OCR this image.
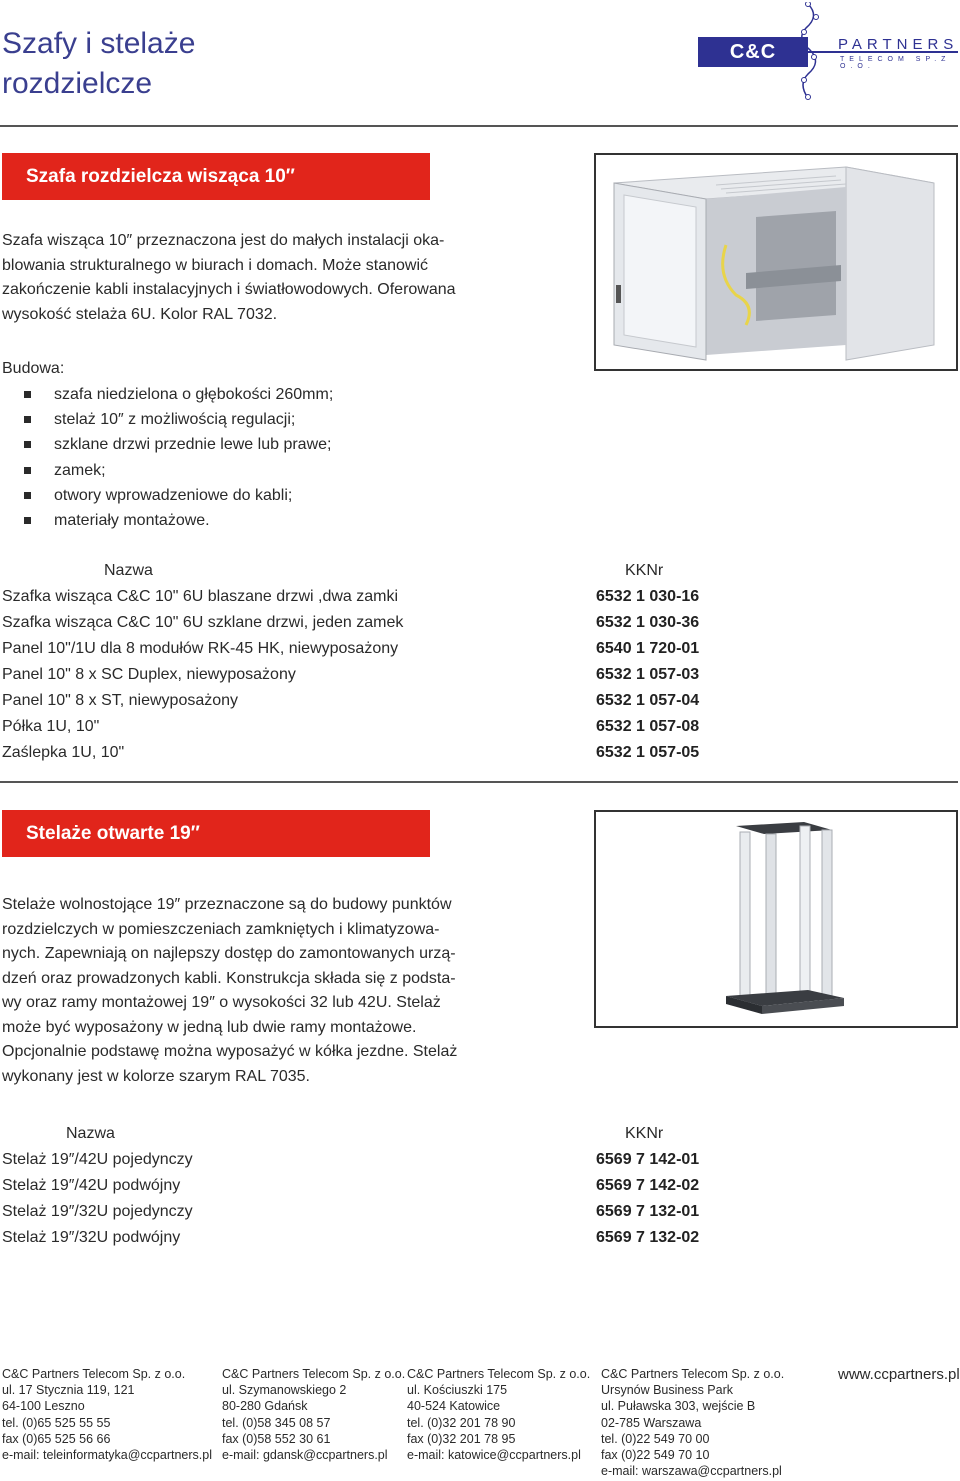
Szafy i stelaże
rozdzielcze
C&C	PARTNERS
TELECOM SP.Z O.O.
Szafa rozdzielcza wisząca 10″
Szafa wisząca 10″ przeznaczona jest do małych instalacji oka-
blowania strukturalnego w biurach i domach. Może stanowić
zakończenie kabli instalacyjnych i światłowodowych. Oferowana
wysokość stelaża 6U. Kolor RAL 7032.
Budowa:
szafa niedzielona o głębokości 260mm;
stelaż 10″ z możliwością regulacji;
szklane drzwi przednie lewe lub prawe;
zamek;
otwory wprowadzeniowe do kabli;
materiały montażowe.
Nazwa	KKNr
Szafka wisząca C&C 10" 6U blaszane drzwi ,dwa zamki	6532 1 030-16
Szafka wisząca C&C 10" 6U szklane drzwi, jeden zamek	6532 1 030-36
Panel 10"/1U dla 8 modułów RK-45 HK, niewyposażony	6540 1 720-01
Panel 10" 8 x SC Duplex, niewyposażony	6532 1 057-03
Panel 10" 8 x ST, niewyposażony	6532 1 057-04
Półka 1U, 10"	6532 1 057-08
Zaślepka 1U, 10"	6532 1 057-05
Stelaże otwarte 19″
Stelaże wolnostojące 19″ przeznaczone są do budowy punktów
rozdzielczych w pomieszczeniach zamkniętych i klimatyzowa-
nych. Zapewniają on najlepszy dostęp do zamontowanych urzą-
dzeń oraz prowadzonych kabli. Konstrukcja składa się z podsta-
wy oraz ramy montażowej 19″ o wysokości 32 lub 42U. Stelaż
może być wyposażony w jedną lub dwie ramy montażowe.
Opcjonalnie podstawę można wyposażyć w kółka jezdne. Stelaż
wykonany jest w kolorze szarym RAL 7035.
Nazwa	KKNr
Stelaż 19″/42U pojedynczy	6569 7 142-01
Stelaż 19″/42U podwójny	6569 7 142-02
Stelaż 19″/32U pojedynczy	6569 7 132-01
Stelaż 19″/32U podwójny	6569 7 132-02
C&C Partners Telecom Sp. z o.o.
ul. 17 Stycznia 119, 121
64-100 Leszno
tel. (0)65 525 55 55
fax (0)65 525 56 66
e-mail: teleinformatyka@ccpartners.pl
C&C Partners Telecom Sp. z o.o.
ul. Szymanowskiego 2
80-280 Gdańsk
tel. (0)58 345 08 57
fax (0)58 552 30 61
e-mail: gdansk@ccpartners.pl
C&C Partners Telecom Sp. z o.o.
ul. Kościuszki 175
40-524 Katowice
tel. (0)32 201 78 90
fax (0)32 201 78 95
e-mail: katowice@ccpartners.pl
C&C Partners Telecom Sp. z o.o.
Ursynów Business Park
ul. Puławska 303, wejście B
02-785 Warszawa
tel. (0)22 549 70 00
fax (0)22 549 70 10
e-mail: warszawa@ccpartners.pl
www.ccpartners.pl
